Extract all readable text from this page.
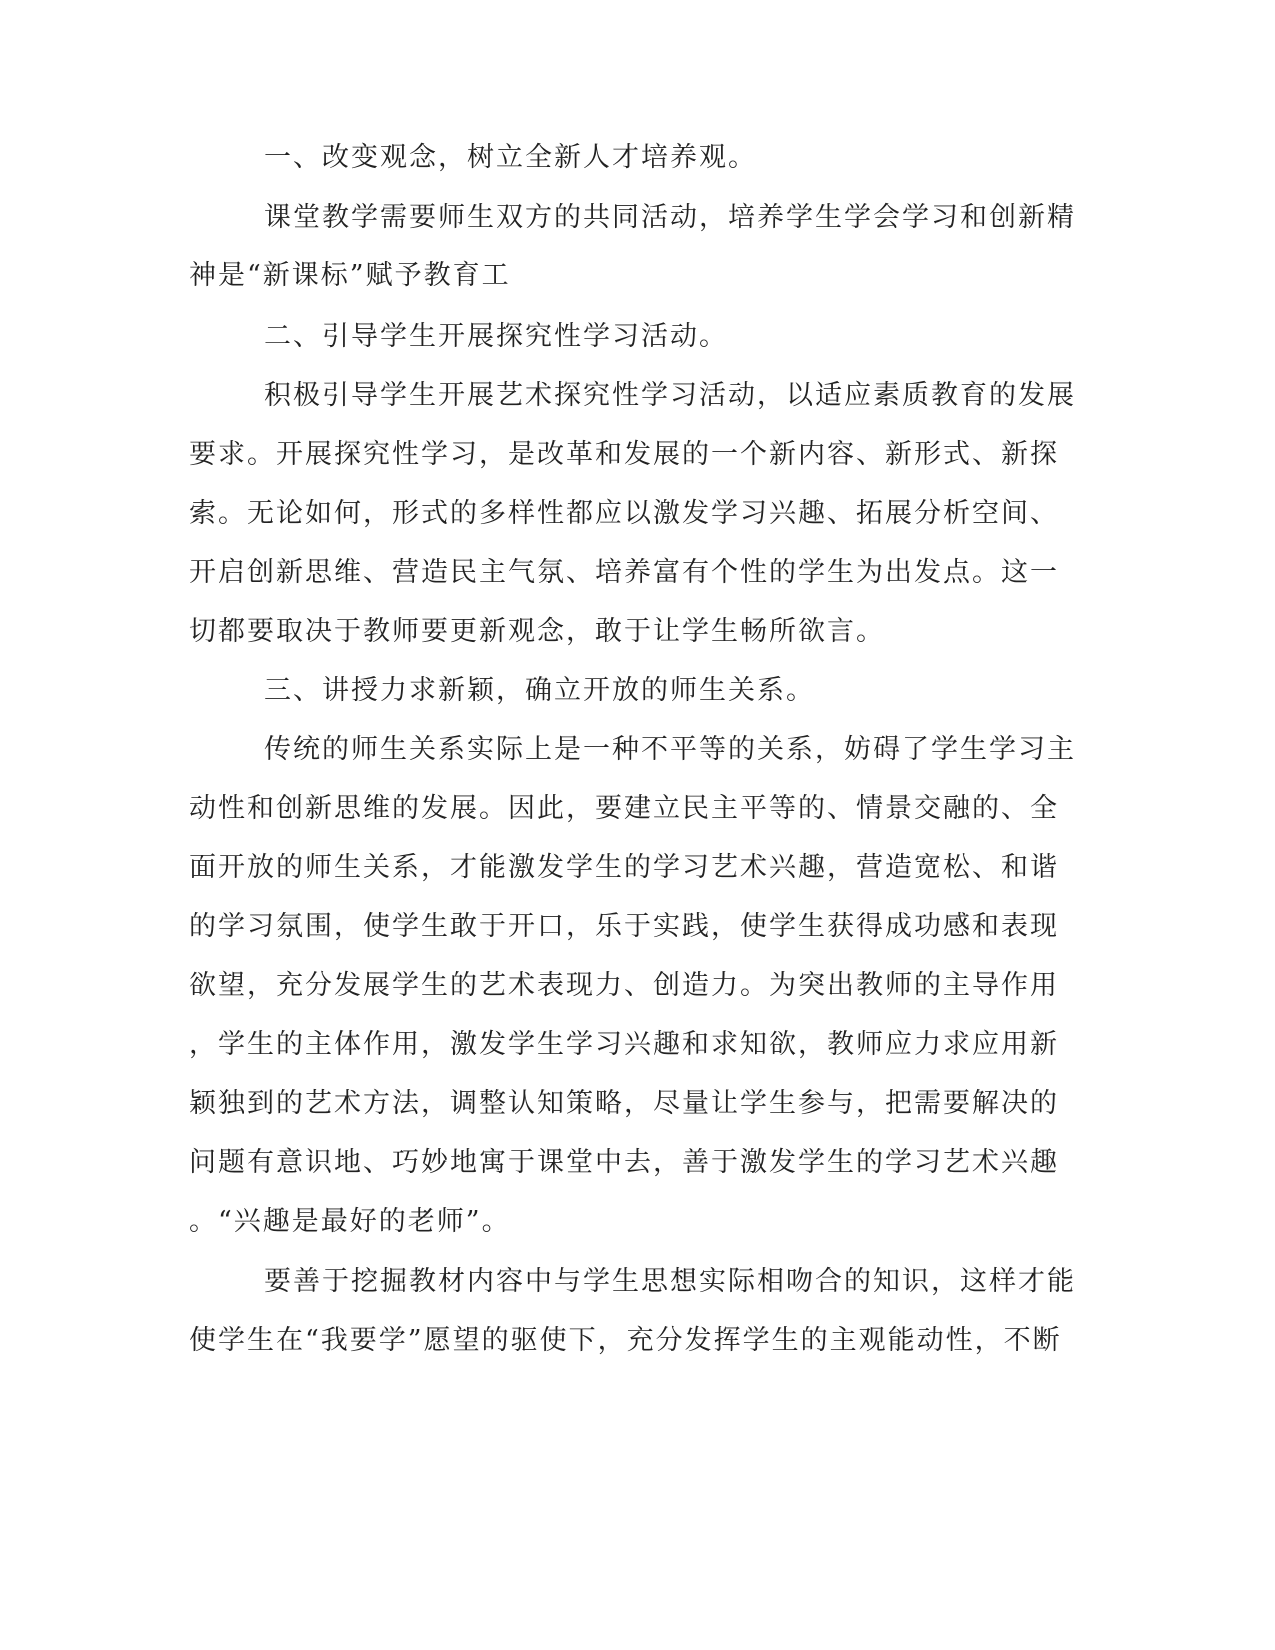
一、改变观念，树立全新人才培养观。
课堂教学需要师生双方的共同活动，培养学生学会学习和创新精
神是“新课标”赋予教育工
二、引导学生开展探究性学习活动。
积极引导学生开展艺术探究性学习活动，以适应素质教育的发展
要求。开展探究性学习，是改革和发展的一个新内容、新形式、新探
索。无论如何，形式的多样性都应以激发学习兴趣、拓展分析空间、
开启创新思维、营造民主气氛、培养富有个性的学生为出发点。这一
切都要取决于教师要更新观念，敢于让学生畅所欲言。
三、讲授力求新颖，确立开放的师生关系。
传统的师生关系实际上是一种不平等的关系，妨碍了学生学习主
动性和创新思维的发展。因此，要建立民主平等的、情景交融的、全
面开放的师生关系，才能激发学生的学习艺术兴趣，营造宽松、和谐
的学习氛围，使学生敢于开口，乐于实践，使学生获得成功感和表现
欲望，充分发展学生的艺术表现力、创造力。为突出教师的主导作用
，学生的主体作用，激发学生学习兴趣和求知欲，教师应力求应用新
颖独到的艺术方法，调整认知策略，尽量让学生参与，把需要解决的
问题有意识地、巧妙地寓于课堂中去，善于激发学生的学习艺术兴趣
。“兴趣是最好的老师”。
要善于挖掘教材内容中与学生思想实际相吻合的知识，这样才能
使学生在“我要学”愿望的驱使下，充分发挥学生的主观能动性，不断
